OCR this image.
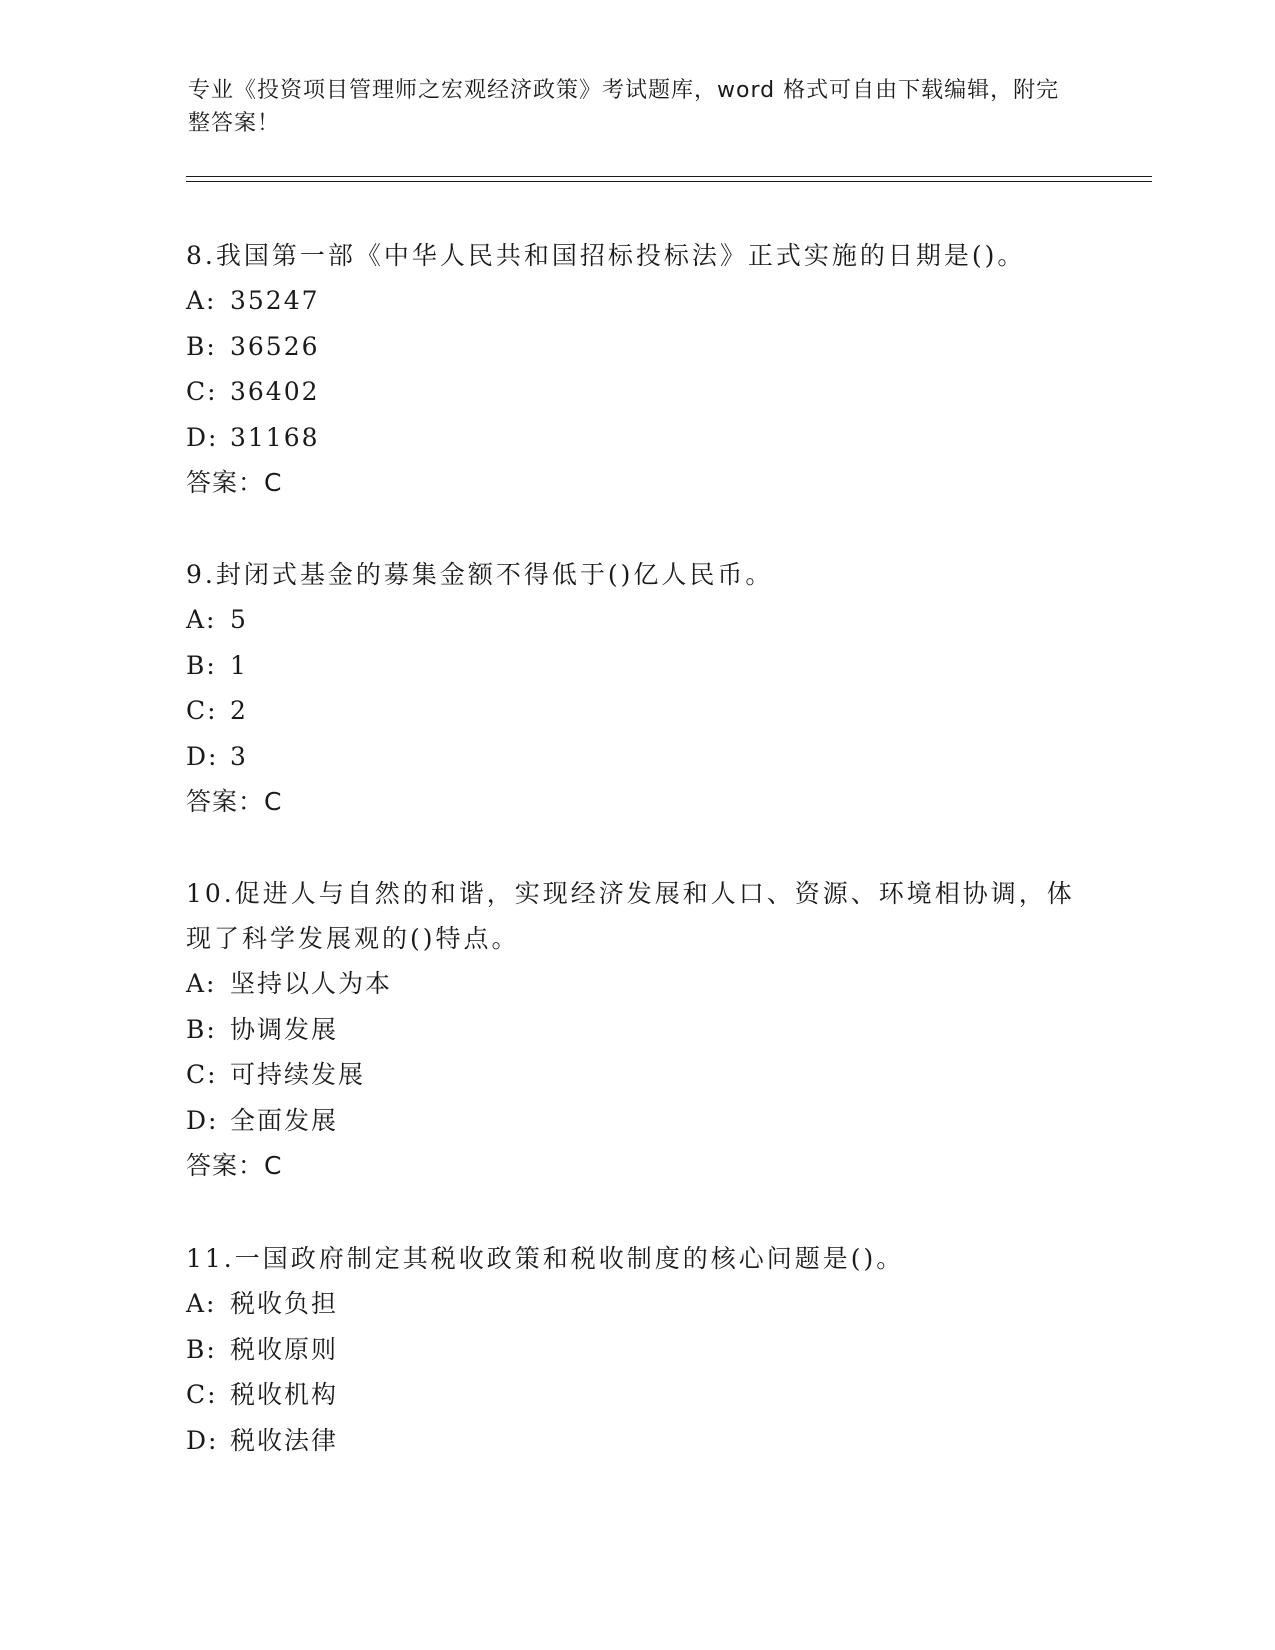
专业《投资项目管理师之宏观经济政策》考试题库，word 格式可自由下载编辑，附完整答案！

8.我国第一部《中华人民共和国招标投标法》正式实施的日期是()。

A: 35247

B: 36526

C: 36402

D: 31168

答案：C

9.封闭式基金的募集金额不得低于()亿人民币。

A: 5

B: 1

C: 2

D: 3

答案：C

10.促进人与自然的和谐，实现经济发展和人口、资源、环境相协调，体现了科学发展观的()特点。

A: 坚持以人为本

B: 协调发展

C: 可持续发展

D: 全面发展

答案：C

11.一国政府制定其税收政策和税收制度的核心问题是()。

A: 税收负担

B: 税收原则

C: 税收机构

D: 税收法律
